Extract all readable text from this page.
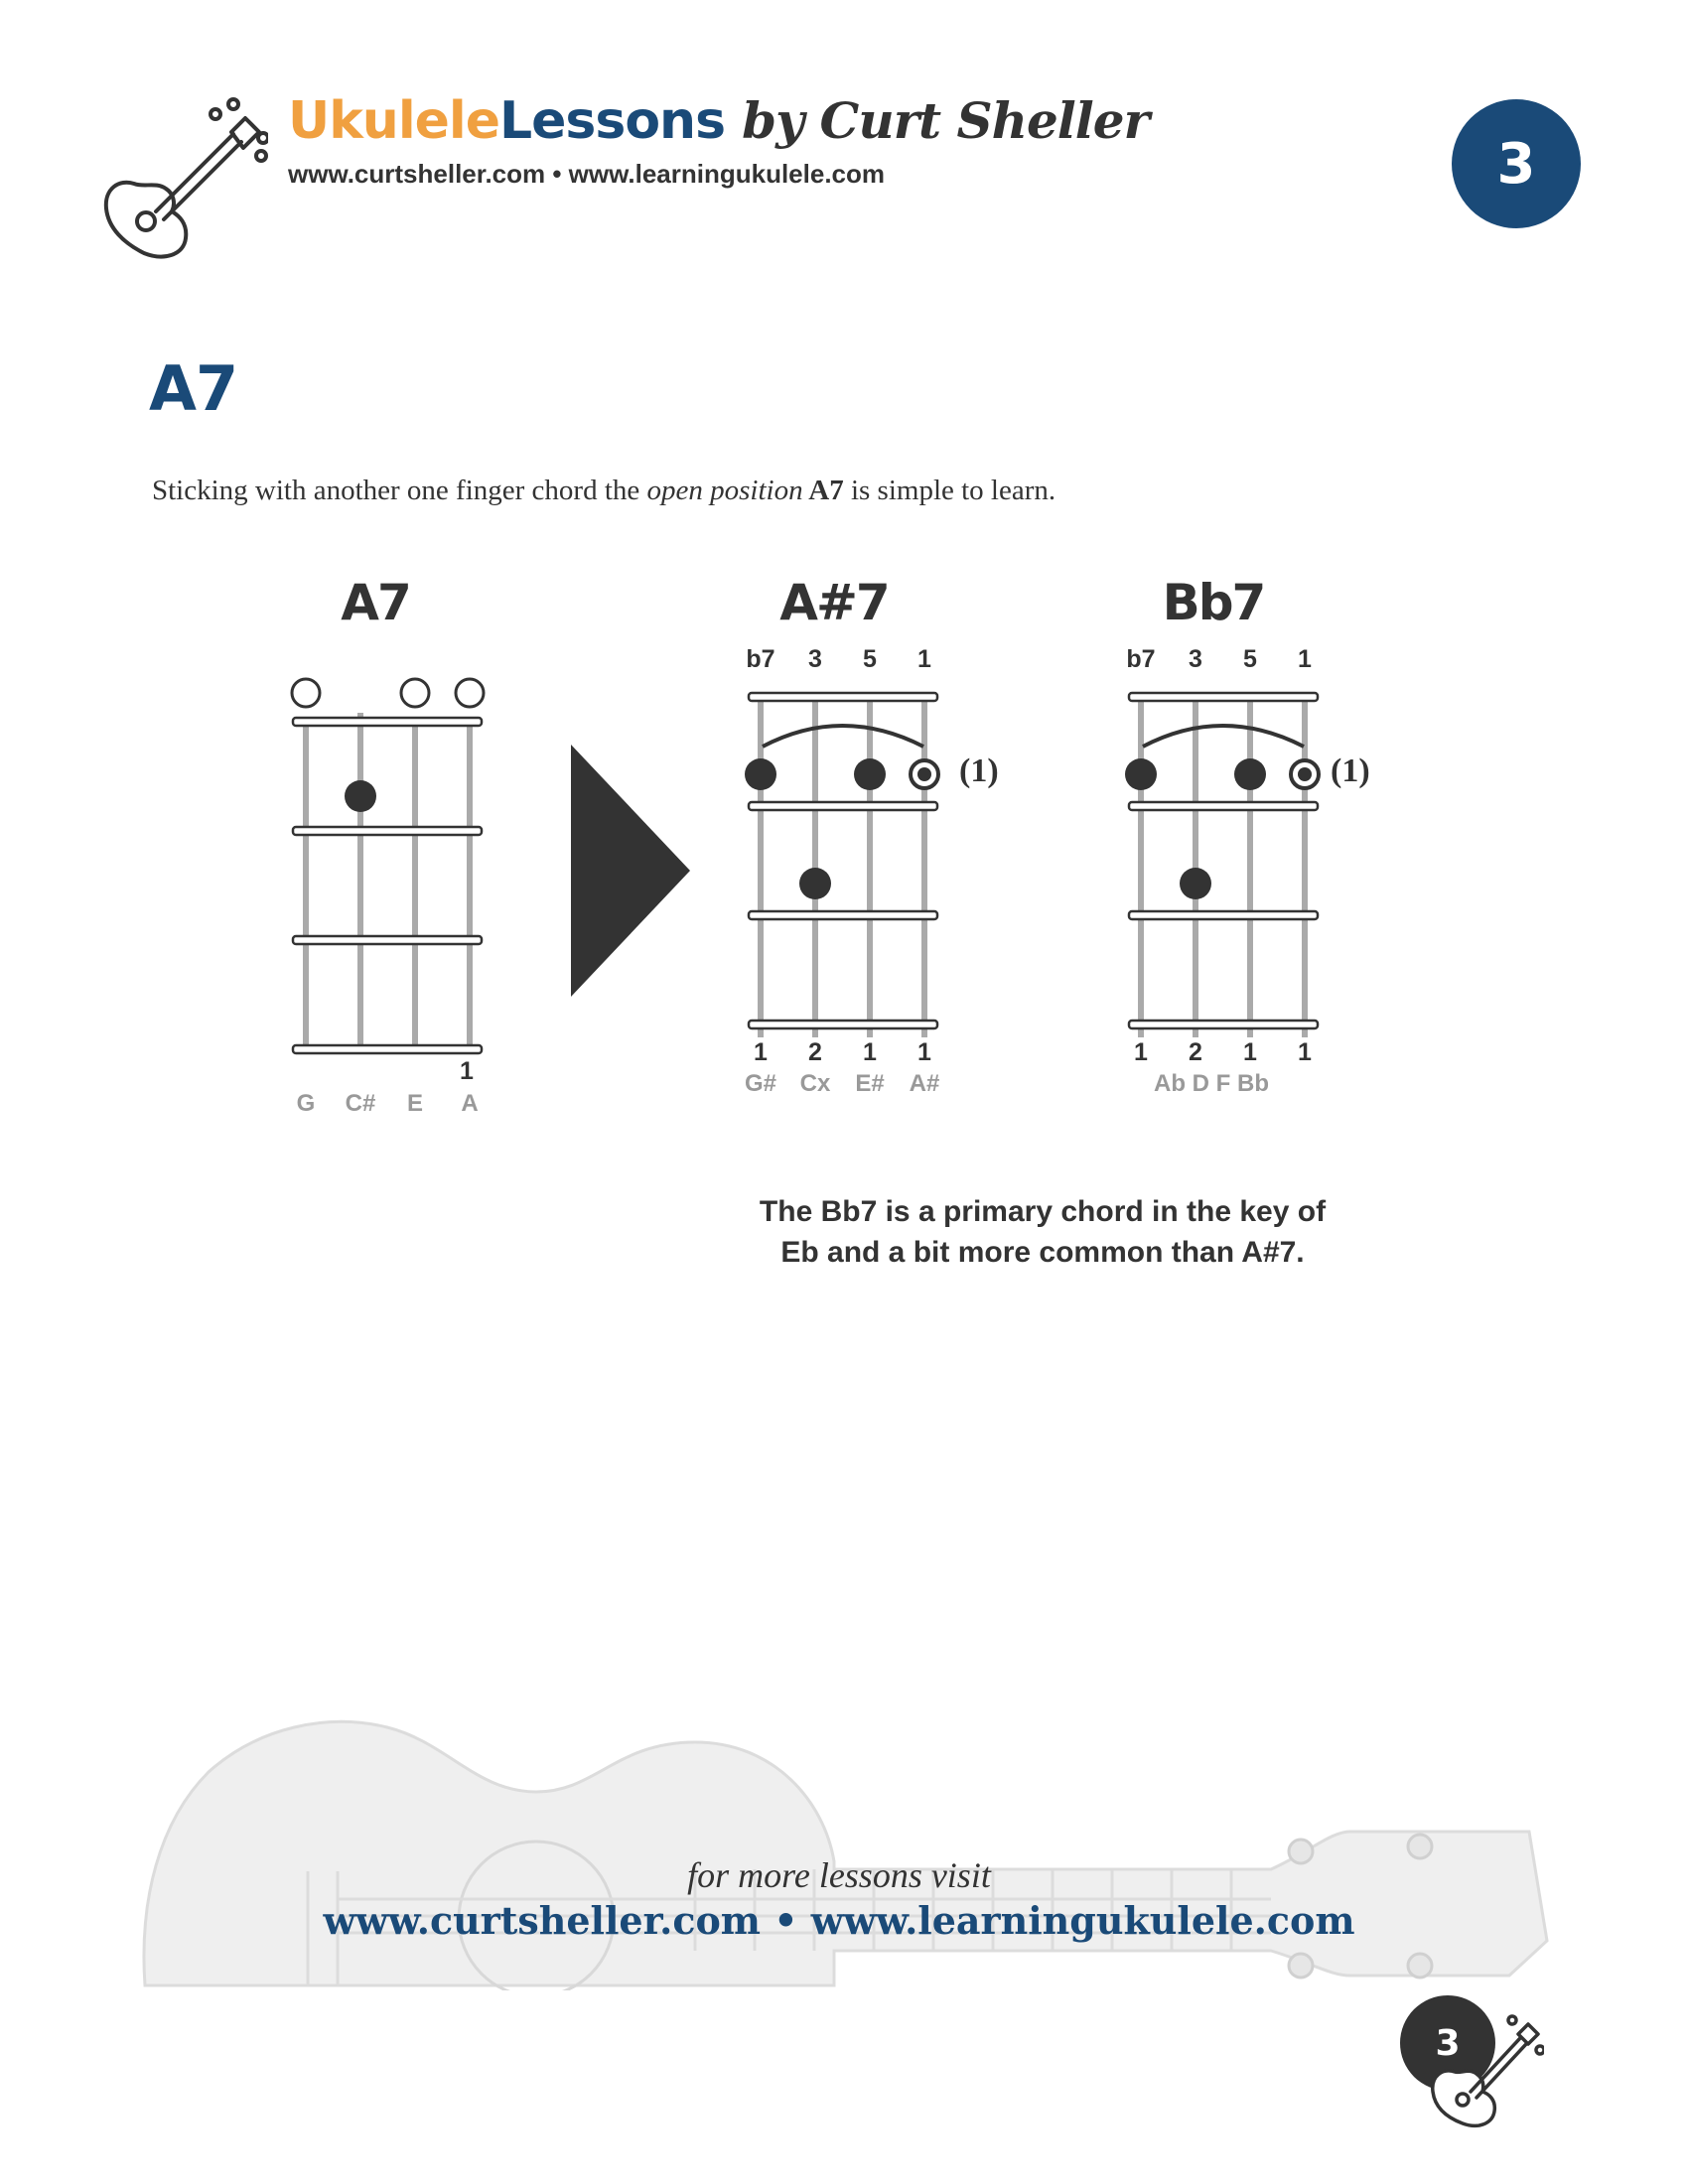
UkuleleLessons by Curt Sheller
www.curtsheller.com • www.learningukulele.com	3
A7
Sticking with another one finger chord the open position A7 is simple to learn.
A7
1
G	C#	E	A
A#7
b7	3	5	1
(1)
1	2	1	1
G# Cx	E#	A#
Bb7
b7	3	5	1
(1)
1	2	1	1
Ab D F Bb
The Bb7 is a primary chord in the key of
Eb and a bit more common than A#7.
for more lessons visit
www.curtsheller.com • www.learningukulele.com
3
